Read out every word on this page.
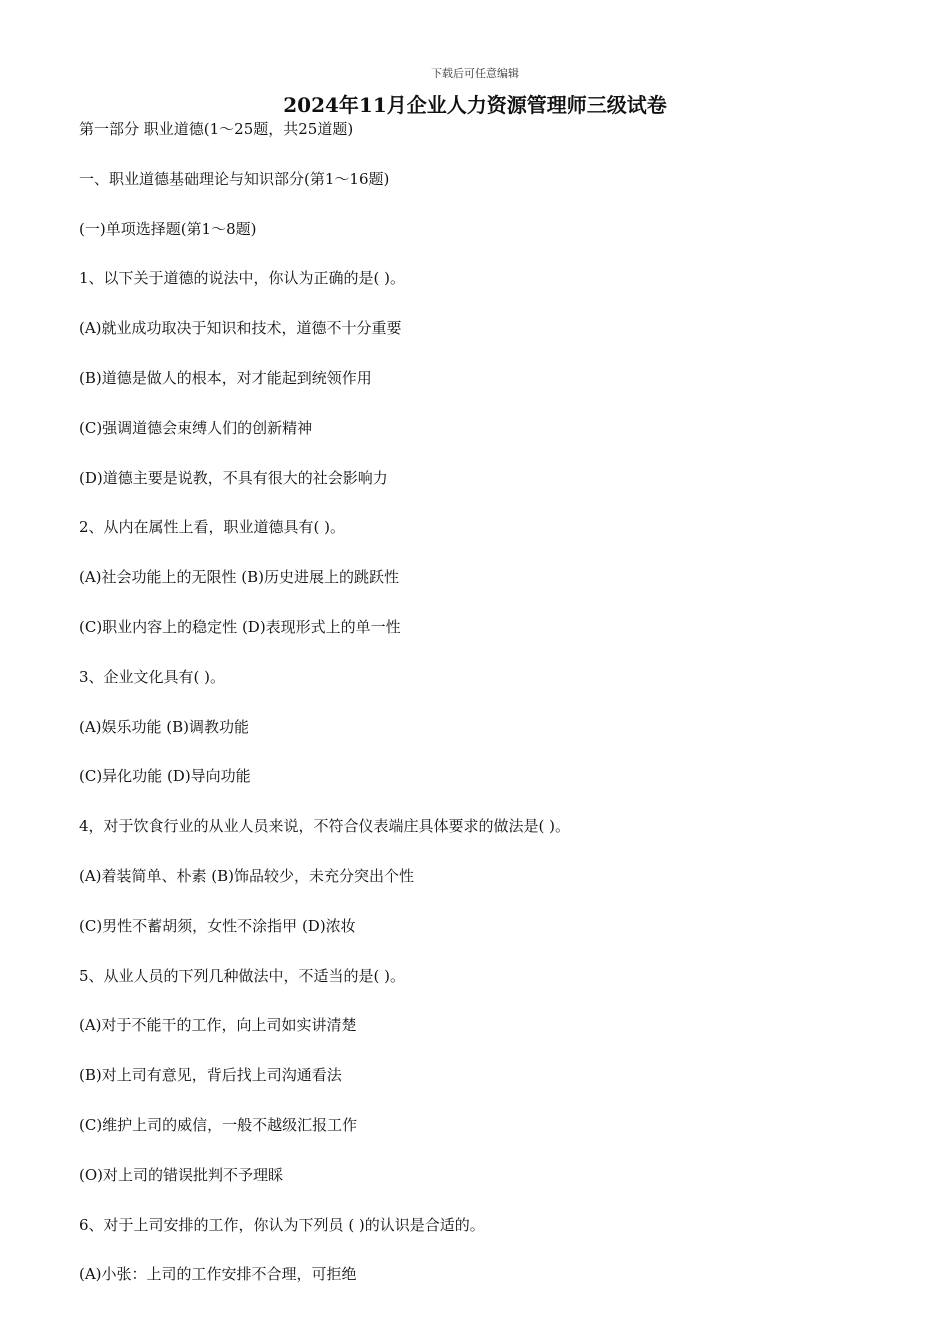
下载后可任意编辑
2024年11月企业人力资源管理师三级试卷

第一部分 职业道德(1～25题，共25道题)

一、职业道德基础理论与知识部分(第1～16题)

(一)单项选择题(第1～8题)

1、以下关于道德的说法中，你认为正确的是( )。

(A)就业成功取决于知识和技术，道德不十分重要

(B)道德是做人的根本，对才能起到统领作用

(C)强调道德会束缚人们的创新精神

(D)道德主要是说教，不具有很大的社会影响力

2、从内在属性上看，职业道德具有( )。

(A)社会功能上的无限性 (B)历史进展上的跳跃性

(C)职业内容上的稳定性 (D)表现形式上的单一性

3、企业文化具有( )。

(A)娱乐功能 (B)调教功能

(C)异化功能 (D)导向功能

4，对于饮食行业的从业人员来说，不符合仪表端庄具体要求的做法是( )。

(A)着装简单、朴素 (B)饰品较少，未充分突出个性

(C)男性不蓄胡须，女性不涂指甲 (D)浓妆

5、从业人员的下列几种做法中，不适当的是( )。

(A)对于不能干的工作，向上司如实讲清楚

(B)对上司有意见，背后找上司沟通看法

(C)维护上司的威信，一般不越级汇报工作

(O)对上司的错误批判不予理睬

6、对于上司安排的工作，你认为下列员 ( )的认识是合适的。

(A)小张：上司的工作安排不合理，可拒绝
